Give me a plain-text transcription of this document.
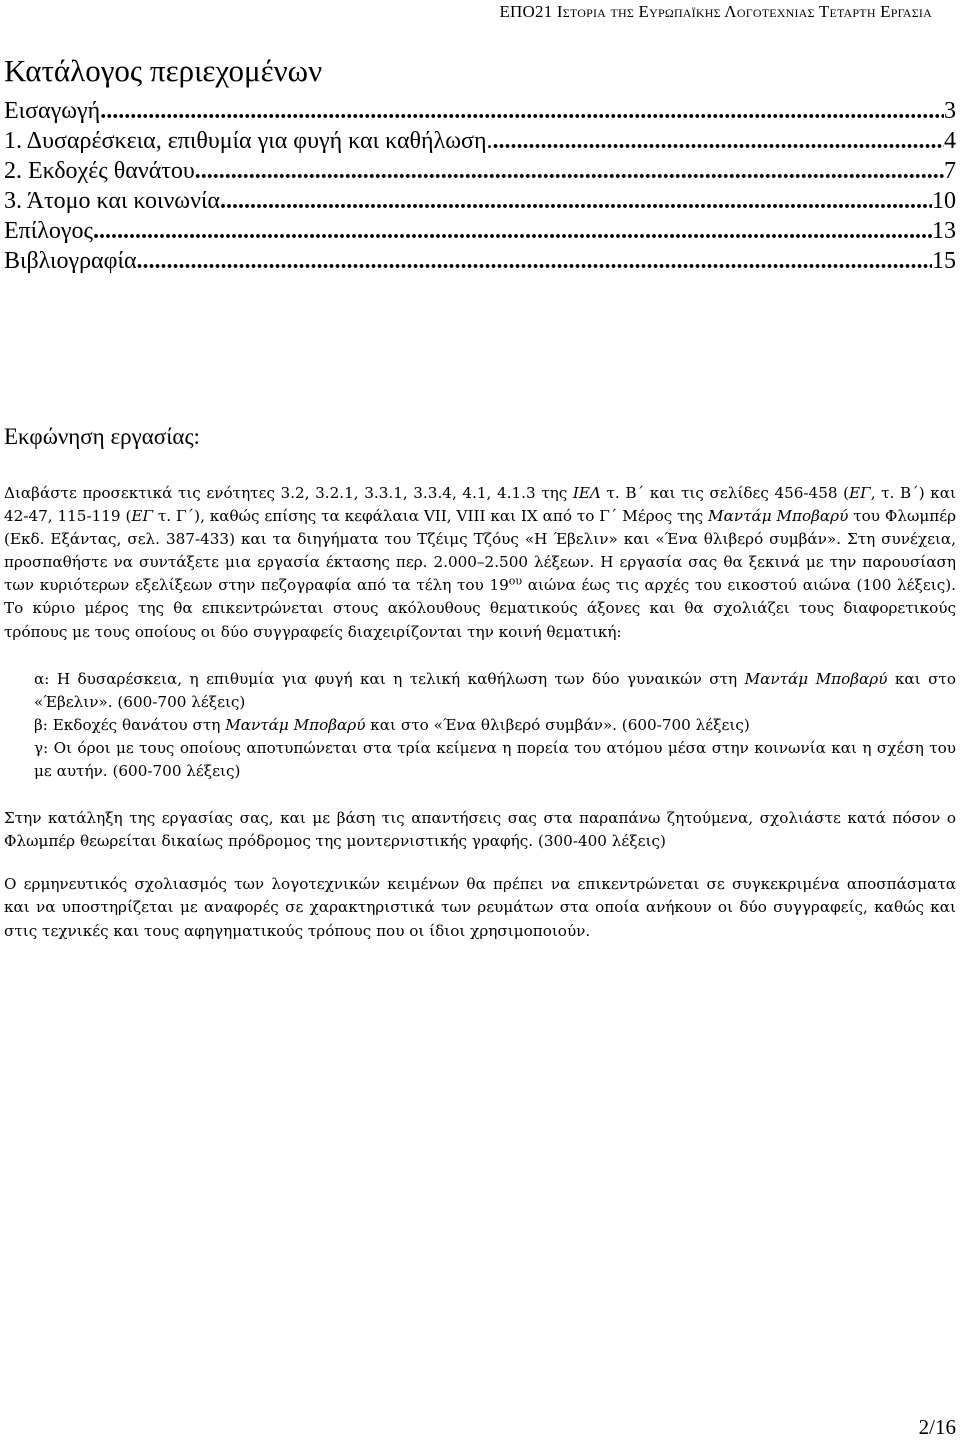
ΕΠΟ21 Ιστορια της Ευρωπαϊκης Λογοτεχνιας Τεταρτη Εργασια
Κατάλογος περιεχομένων
Εισαγωγή .....	3
1. Δυσαρέσκεια, επιθυμία για φυγή και καθήλωση. .....	4
2. Εκδοχές θανάτου .....	7
3. Άτομο και κοινωνία .....	10
Επίλογος .....	13
Βιβλιογραφία .....	15
Εκφώνηση εργασίας:

Διαβάστε προσεκτικά τις ενότητες 3.2, 3.2.1, 3.3.1, 3.3.4, 4.1, 4.1.3 της ΙΕΛ τ. Β΄ και τις σελίδες 456-458 (ΕΓ, τ. Β΄) και 42-47, 115-119 (ΕΓ τ. Γ΄), καθώς επίσης τα κεφάλαια VII, VIII και IX από το Γ΄ Μέρος της Μαντάμ Μποβαρύ του Φλωμπέρ (Εκδ. Εξάντας, σελ. 387-433) και τα διηγήματα του Τζέιμς Τζόυς «Η Έβελιν» και «Ένα θλιβερό συμβάν». Στη συνέχεια, προσπαθήστε να συντάξετε μια εργασία έκτασης περ. 2.000–2.500 λέξεων. Η εργασία σας θα ξεκινά με την παρουσίαση των κυριότερων εξελίξεων στην πεζογραφία από τα τέλη του $19^{o\upsilon}$ αιώνα έως τις αρχές του εικοστού αιώνα (100 λέξεις). Το κύριο μέρος της θα επικεντρώνεται στους ακόλουθους θεματικούς άξονες και θα σχολιάζει τους διαφορετικούς τρόπους με τους οποίους οι δύο συγγραφείς διαχειρίζονται την κοινή θεματική:

α: Η δυσαρέσκεια, η επιθυμία για φυγή και η τελική καθήλωση των δύο γυναικών στη Μαντάμ Μποβαρύ και στο «Έβελιν». (600-700 λέξεις)

β: Εκδοχές θανάτου στη Μαντάμ Μποβαρύ και στο «Ένα θλιβερό συμβάν». (600-700 λέξεις)

γ: Οι όροι με τους οποίους αποτυπώνεται στα τρία κείμενα η πορεία του ατόμου μέσα στην κοινωνία και η σχέση του με αυτήν. (600-700 λέξεις)

Στην κατάληξη της εργασίας σας, και με βάση τις απαντήσεις σας στα παραπάνω ζητούμενα, σχολιάστε κατά πόσον ο Φλωμπέρ θεωρείται δικαίως πρόδρομος της μοντερνιστικής γραφής. (300-400 λέξεις)

Ο ερμηνευτικός σχολιασμός των λογοτεχνικών κειμένων θα πρέπει να επικεντρώνεται σε συγκεκριμένα αποσπάσματα και να υποστηρίζεται με αναφορές σε χαρακτηριστικά των ρευμάτων στα οποία ανήκουν οι δύο συγγραφείς, καθώς και στις τεχνικές και τους αφηγηματικούς τρόπους που οι ίδιοι χρησιμοποιούν.

2/16
